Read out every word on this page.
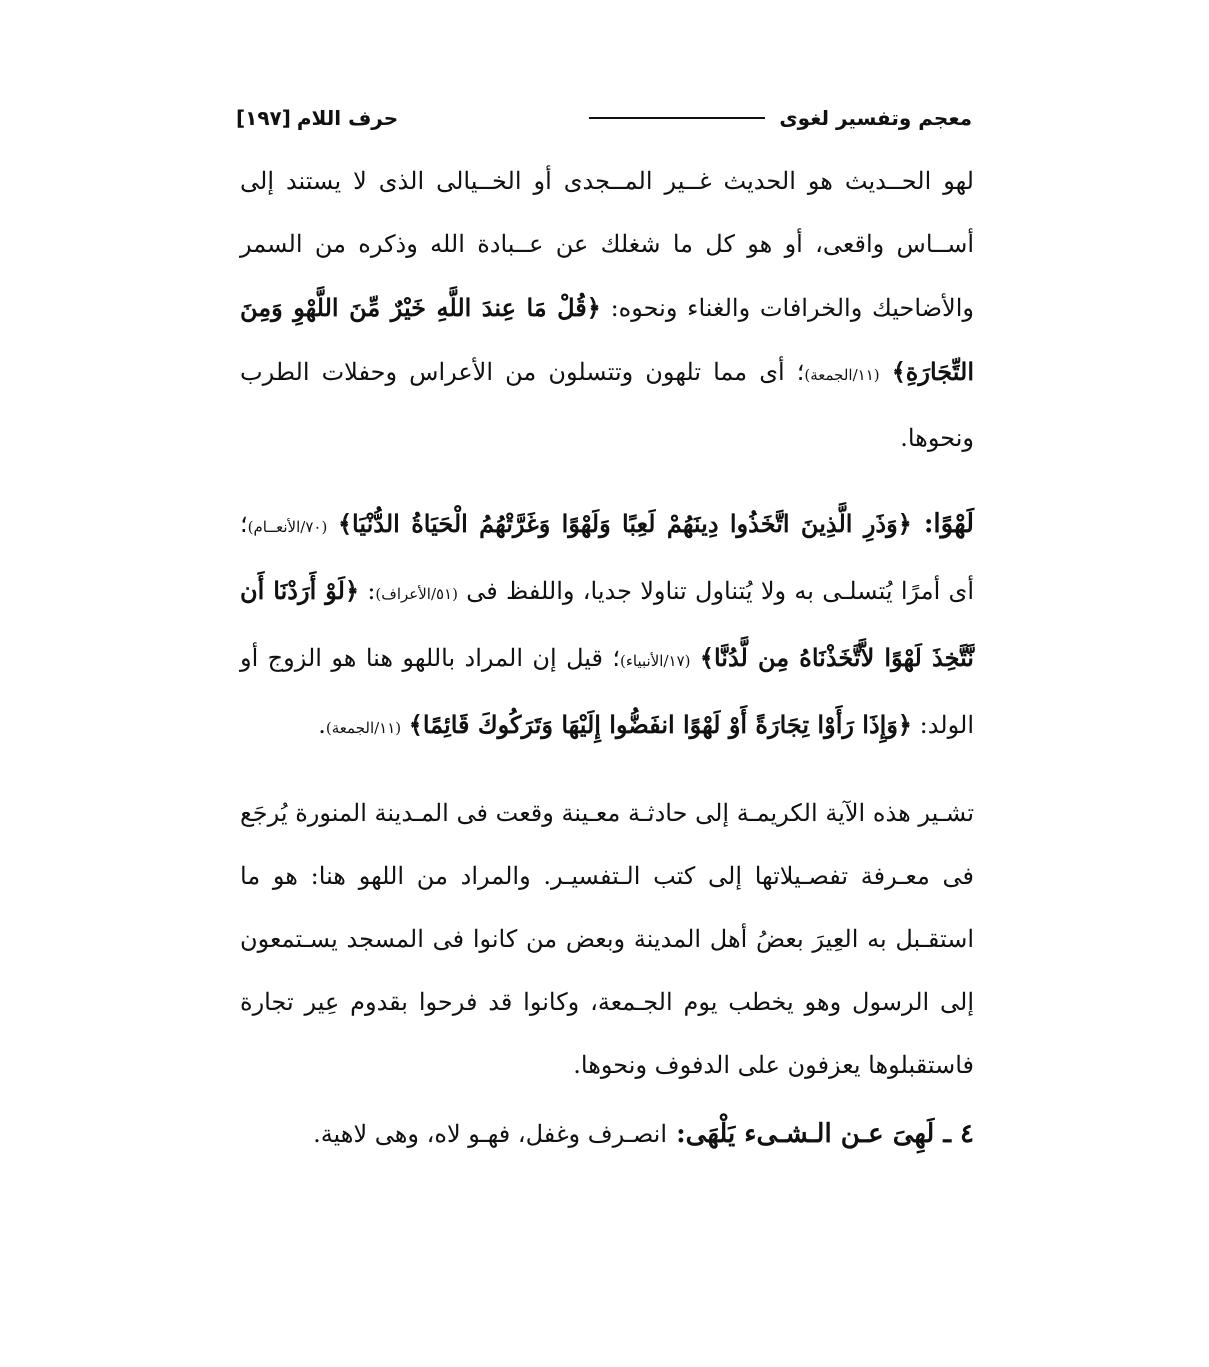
معجم وتفسير لغوى
حرف اللام
[١٩٧]

لهو الحــديث هو الحديث غــير المــجدى أو الخــيالى الذى لا يستند إلى أســاس واقعى، أو هو كل ما شغلك عن عــبادة الله وذكره من السمر والأضاحيك والخرافات والغناء ونحوه: ﴿قُلْ مَا عِندَ اللَّهِ خَيْرٌ مِّنَ اللَّهْوِ وَمِنَ التِّجَارَةِ﴾ (١١/الجمعة)؛ أى مما تلهون وتتسلون من الأعراس وحفلات الطرب ونحوها.

لَهْوًا: ﴿وَذَرِ الَّذِينَ اتَّخَذُوا دِينَهُمْ لَعِبًا وَلَهْوًا وَغَرَّتْهُمُ الْحَيَاةُ الدُّنْيَا﴾ (٧٠/الأنعــام)؛ أى أمرًا يُتسلـى به ولا يُتناول تناولا جديا، واللفظ فى (٥١/الأعراف): ﴿لَوْ أَرَدْنَا أَن نَّتَّخِذَ لَهْوًا لاَّتَّخَذْنَاهُ مِن لَّدُنَّا﴾ (١٧/الأنبياء)؛ قيل إن المراد باللهو هنا هو الزوج أو الولد: ﴿وَإِذَا رَأَوْا تِجَارَةً أَوْ لَهْوًا انفَضُّوا إِلَيْهَا وَتَرَكُوكَ قَائِمًا﴾ (١١/الجمعة).

تشـير هذه الآية الكريمـة إلى حادثـة معـينة وقعت فى المـدينة المنورة يُرجَع فى معـرفة تفصـيلاتها إلى كتب الـتفسيـر. والمراد من اللهو هنا: هو ما استقـبل به العِيرَ بعضُ أهل المدينة وبعض من كانوا فى المسجد يسـتمعون إلى الرسول وهو يخطب يوم الجـمعة، وكانوا قد فرحوا بقدوم عِير تجارة فاستقبلوها يعزفون على الدفوف ونحوها.

٤ ـ لَهِىَ عـن الـشـىء يَلْهَى: انصـرف وغفل، فهـو لاه، وهى لاهية.
